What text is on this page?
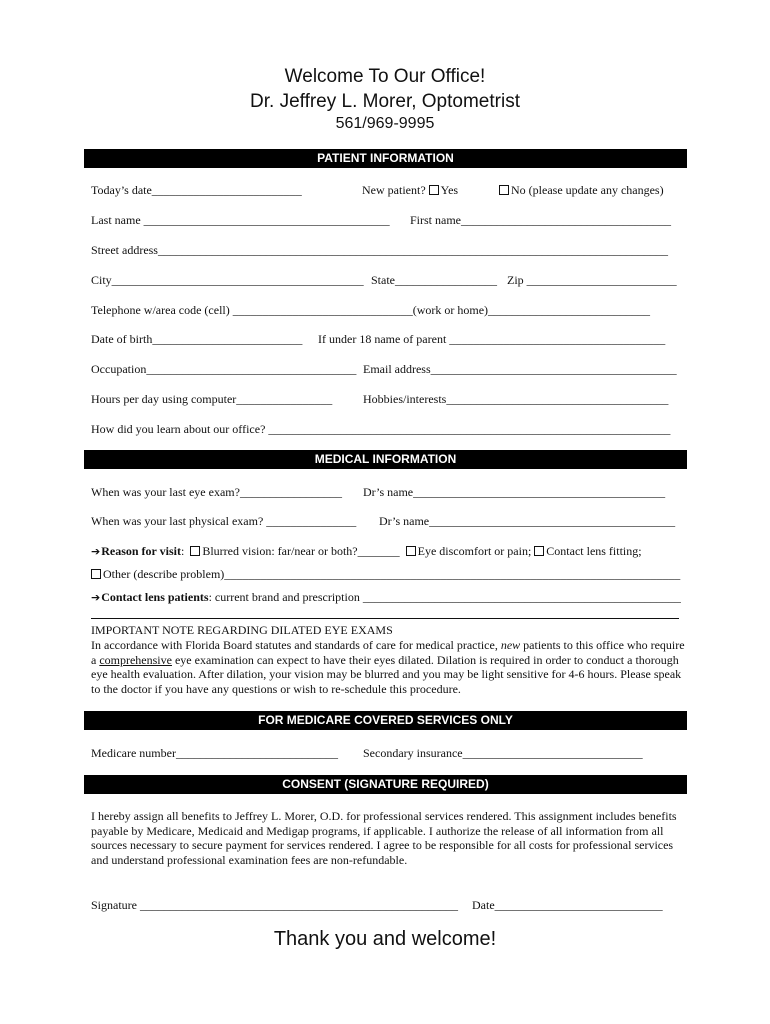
Welcome To Our Office!
Dr. Jeffrey L. Morer, Optometrist
561/969-9995
PATIENT INFORMATION
Today’s date_________________________	New patient? Yes	No (please update any changes)
Last name _________________________________________ First name___________________________________
Street address_____________________________________________________________________________________
City__________________________________________ State_________________ Zip _________________________
Telephone w/area code (cell) ______________________________(work or home)___________________________
Date of birth_________________________ If under 18 name of parent ____________________________________
Occupation___________________________________ Email address_________________________________________
Hours per day using computer________________	Hobbies/interests_____________________________________
How did you learn about our office? ___________________________________________________________________
MEDICAL INFORMATION
When was your last eye exam?_________________ Dr’s name__________________________________________
When was your last physical exam? _______________ Dr’s name_________________________________________
➔Reason for visit: Blurred vision: far/near or both?_______ Eye discomfort or pain; Contact lens fitting;
Other (describe problem)____________________________________________________________________________
➔Contact lens patients: current brand and prescription _____________________________________________________
IMPORTANT NOTE REGARDING DILATED EYE EXAMS
In accordance with Florida Board statutes and standards of care for medical practice, new patients to this office who require a comprehensive eye examination can expect to have their eyes dilated. Dilation is required in order to conduct a thorough eye health evaluation. After dilation, your vision may be blurred and you may be light sensitive for 4-6 hours. Please speak to the doctor if you have any questions or wish to re-schedule this procedure.
FOR MEDICARE COVERED SERVICES ONLY
Medicare number___________________________ Secondary insurance______________________________
CONSENT (SIGNATURE REQUIRED)
I hereby assign all benefits to Jeffrey L. Morer, O.D. for professional services rendered. This assignment includes benefits payable by Medicare, Medicaid and Medigap programs, if applicable. I authorize the release of all information from all sources necessary to secure payment for services rendered. I agree to be responsible for all costs for professional services and understand professional examination fees are non-refundable.
Signature _____________________________________________________ Date____________________________
Thank you and welcome!
